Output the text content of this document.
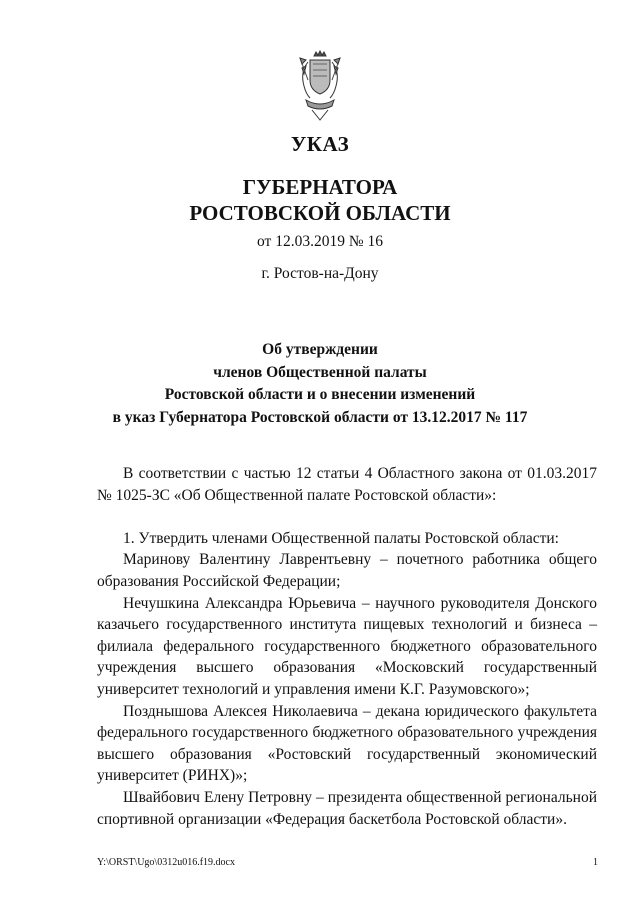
УКАЗ
ГУБЕРНАТОРА
РОСТОВСКОЙ ОБЛАСТИ
от 12.03.2019 № 16
г. Ростов-на-Дону
Об утверждении
членов Общественной палаты
Ростовской области и о внесении изменений
в указ Губернатора Ростовской области от 13.12.2017 № 117

В соответствии с частью 12 статьи 4 Областного закона от 01.03.2017 № 1025-ЗС «Об Общественной палате Ростовской области»:

1. Утвердить членами Общественной палаты Ростовской области:

Маринову Валентину Лаврентьевну – почетного работника общего образования Российской Федерации;

Нечушкина Александра Юрьевича – научного руководителя Донского казачьего государственного института пищевых технологий и бизнеса – филиала федерального государственного бюджетного образовательного учреждения высшего образования «Московский государственный университет технологий и управления имени К.Г. Разумовского»;

Позднышова Алексея Николаевича – декана юридического факультета федерального государственного бюджетного образовательного учреждения высшего образования «Ростовский государственный экономический университет (РИНХ)»;

Швайбович Елену Петровну – президента общественной региональной спортивной организации «Федерация баскетбола Ростовской области».

Y:\ORST\Ugo\0312u016.f19.docx	1
